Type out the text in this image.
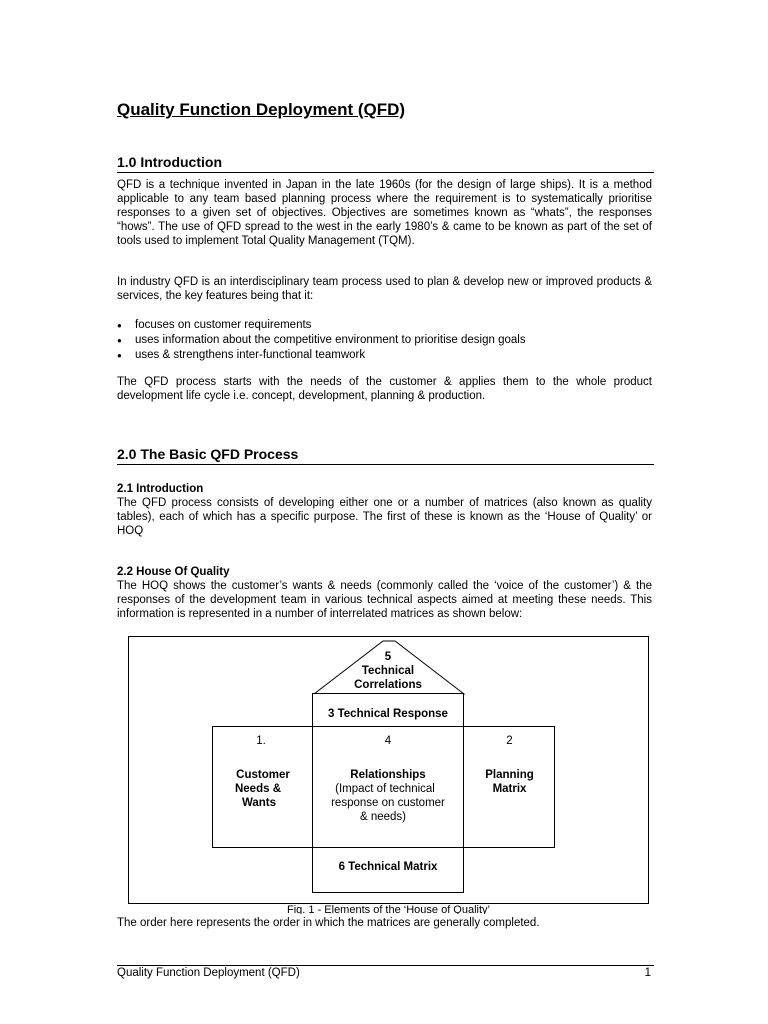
Quality Function Deployment (QFD)
1.0 Introduction

QFD is a technique invented in Japan in the late 1960s (for the design of large ships). It is a method applicable to any team based planning process where the requirement is to systematically prioritise responses to a given set of objectives. Objectives are sometimes known as “whats”, the responses “hows”. The use of QFD spread to the west in the early 1980’s & came to be known as part of the set of tools used to implement Total Quality Management (TQM).

In industry QFD is an interdisciplinary team process used to plan & develop new or improved products & services, the key features being that it:

● focuses on customer requirements
● uses information about the competitive environment to prioritise design goals
● uses & strengthens inter-functional teamwork

The QFD process starts with the needs of the customer & applies them to the whole product development life cycle i.e. concept, development, planning & production.

2.0 The Basic QFD Process
2.1 Introduction

The QFD process consists of developing either one or a number of matrices (also known as quality tables), each of which has a specific purpose. The first of these is known as the ‘House of Quality’ or HOQ

2.2 House Of Quality

The HOQ shows the customer’s wants & needs (commonly called the ‘voice of the customer’) & the responses of the development team in various technical aspects aimed at meeting these needs. This information is represented in a number of interrelated matrices as shown below:

5
Technical
Correlations
3 Technical Response
1.
Customer
Needs &
Wants
4
Relationships
(Impact of technical
response on customer
& needs)
2
Planning
Matrix
6 Technical Matrix
Fig. 1 - Elements of the ‘House of Quality’

The order here represents the order in which the matrices are generally completed.

Quality Function Deployment (QFD)	1
